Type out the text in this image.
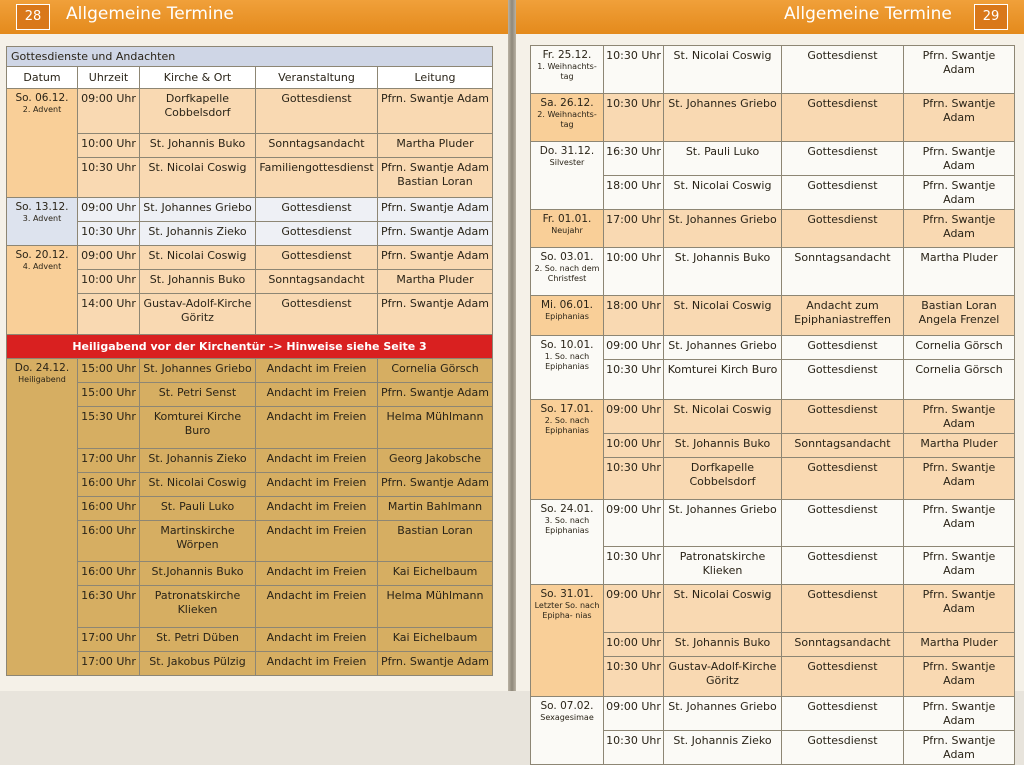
28	Allgemeine Termine
Gottesdienste und Andachten				
Datum	Uhrzeit	Kirche & Ort	Veranstaltung	Leitung
So. 06.12.
2. Advent	09:00 Uhr	Dorfkapelle Cobbelsdorf	Gottesdienst	Pfrn. Swantje Adam
	10:00 Uhr	St. Johannis Buko	Sonntagsandacht	Martha Pluder
	10:30 Uhr	St. Nicolai Coswig	Familiengottesdienst	Pfrn. Swantje Adam Bastian Loran
So. 13.12.
3. Advent	09:00 Uhr	St. Johannes Griebo	Gottesdienst	Pfrn. Swantje Adam
	10:30 Uhr	St. Johannis Zieko	Gottesdienst	Pfrn. Swantje Adam
So. 20.12.
4. Advent	09:00 Uhr	St. Nicolai Coswig	Gottesdienst	Pfrn. Swantje Adam
	10:00 Uhr	St. Johannis Buko	Sonntagsandacht	Martha Pluder
	14:00 Uhr	Gustav-Adolf-Kirche Göritz	Gottesdienst	Pfrn. Swantje Adam
Heiligabend vor der Kirchentür -> Hinweise siehe Seite 3				
Do. 24.12.
Heiligabend	15:00 Uhr	St. Johannes Griebo	Andacht im Freien	Cornelia Görsch
	15:00 Uhr	St. Petri Senst	Andacht im Freien	Pfrn. Swantje Adam
	15:30 Uhr	Komturei Kirche Buro	Andacht im Freien	Helma Mühlmann
	17:00 Uhr	St. Johannis Zieko	Andacht im Freien	Georg Jakobsche
	16:00 Uhr	St. Nicolai Coswig	Andacht im Freien	Pfrn. Swantje Adam
	16:00 Uhr	St. Pauli Luko	Andacht im Freien	Martin Bahlmann
	16:00 Uhr	Martinskirche Wörpen	Andacht im Freien	Bastian Loran
	16:00 Uhr	St.Johannis Buko	Andacht im Freien	Kai Eichelbaum
	16:30 Uhr	Patronatskirche Klieken	Andacht im Freien	Helma Mühlmann
	17:00 Uhr	St. Petri Düben	Andacht im Freien	Kai Eichelbaum
	17:00 Uhr	St. Jakobus Pülzig	Andacht im Freien	Pfrn. Swantje Adam
Allgemeine Termine	29
Fr. 25.12.
1. Weihnachts- tag	10:30 Uhr	St. Nicolai Coswig	Gottesdienst	Pfrn. Swantje Adam
Sa. 26.12.
2. Weihnachts- tag	10:30 Uhr	St. Johannes Griebo	Gottesdienst	Pfrn. Swantje Adam
Do. 31.12.
Silvester	16:30 Uhr	St. Pauli Luko	Gottesdienst	Pfrn. Swantje Adam
	18:00 Uhr	St. Nicolai Coswig	Gottesdienst	Pfrn. Swantje Adam
Fr. 01.01.
Neujahr	17:00 Uhr	St. Johannes Griebo	Gottesdienst	Pfrn. Swantje Adam
So. 03.01.
2. So. nach dem Christfest	10:00 Uhr	St. Johannis Buko	Sonntagsandacht	Martha Pluder
Mi. 06.01.
Epiphanias	18:00 Uhr	St. Nicolai Coswig	Andacht zum Epiphaniastreffen	Bastian Loran Angela Frenzel
So. 10.01.
1. So. nach Epiphanias	09:00 Uhr	St. Johannes Griebo	Gottesdienst	Cornelia Görsch
	10:30 Uhr	Komturei Kirch Buro	Gottesdienst	Cornelia Görsch
So. 17.01.
2. So. nach Epiphanias	09:00 Uhr	St. Nicolai Coswig	Gottesdienst	Pfrn. Swantje Adam
	10:00 Uhr	St. Johannis Buko	Sonntagsandacht	Martha Pluder
	10:30 Uhr	Dorfkapelle Cobbelsdorf	Gottesdienst	Pfrn. Swantje Adam
So. 24.01.
3. So. nach Epiphanias	09:00 Uhr	St. Johannes Griebo	Gottesdienst	Pfrn. Swantje Adam
	10:30 Uhr	Patronatskirche Klieken	Gottesdienst	Pfrn. Swantje Adam
So. 31.01.
Letzter So. nach Epipha- nias	09:00 Uhr	St. Nicolai Coswig	Gottesdienst	Pfrn. Swantje Adam
	10:00 Uhr	St. Johannis Buko	Sonntagsandacht	Martha Pluder
	10:30 Uhr	Gustav-Adolf-Kirche Göritz	Gottesdienst	Pfrn. Swantje Adam
So. 07.02.
Sexagesimae	09:00 Uhr	St. Johannes Griebo	Gottesdienst	Pfrn. Swantje Adam
	10:30 Uhr	St. Johannis Zieko	Gottesdienst	Pfrn. Swantje Adam
